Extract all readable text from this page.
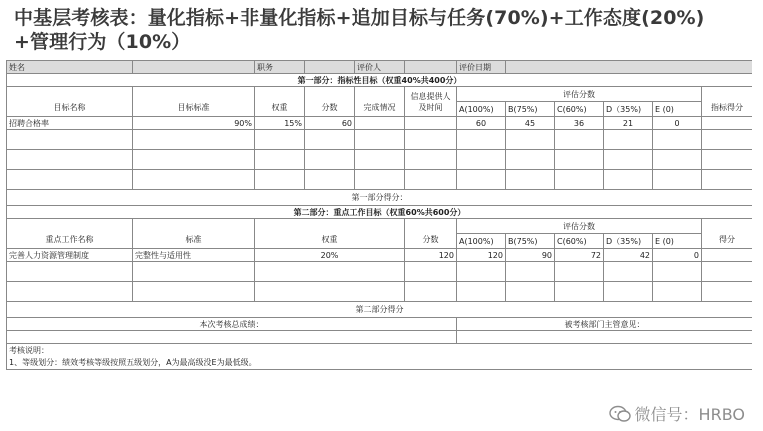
中基层考核表：量化指标+非量化指标+追加目标与任务(70%)+工作态度(20%)
+管理行为（10%）
姓名		职务		评价人		评价日期					
第一部分：指标性目标（权重40%共400分）											

目标名称	目标标准	权重	分数	完成情况	信息提供人及时间	评估分数					指标得分
						A(100%)	B(75%)	C(60%)	D（35%)	E (0)	
招聘合格率	90%	15%	60			60	45	36	21	0	

第一部分得分：											
第二部分：重点工作目标（权重60%共600分）											

重点工作名称	标准	权重			分数	评估分数					得分
						A(100%)	B(75%)	C(60%)	D（35%)	E (0)	
完善人力资源管理制度	完整性与适用性	20%			120	120	90	72	42	0	

第二部分得分											
本次考核总成绩：						被考核部门主管意见：					

考核说明：											
1、等级划分：绩效考核等级按照五级划分，A为最高级没E为最低级。											
微信号：HRBO
